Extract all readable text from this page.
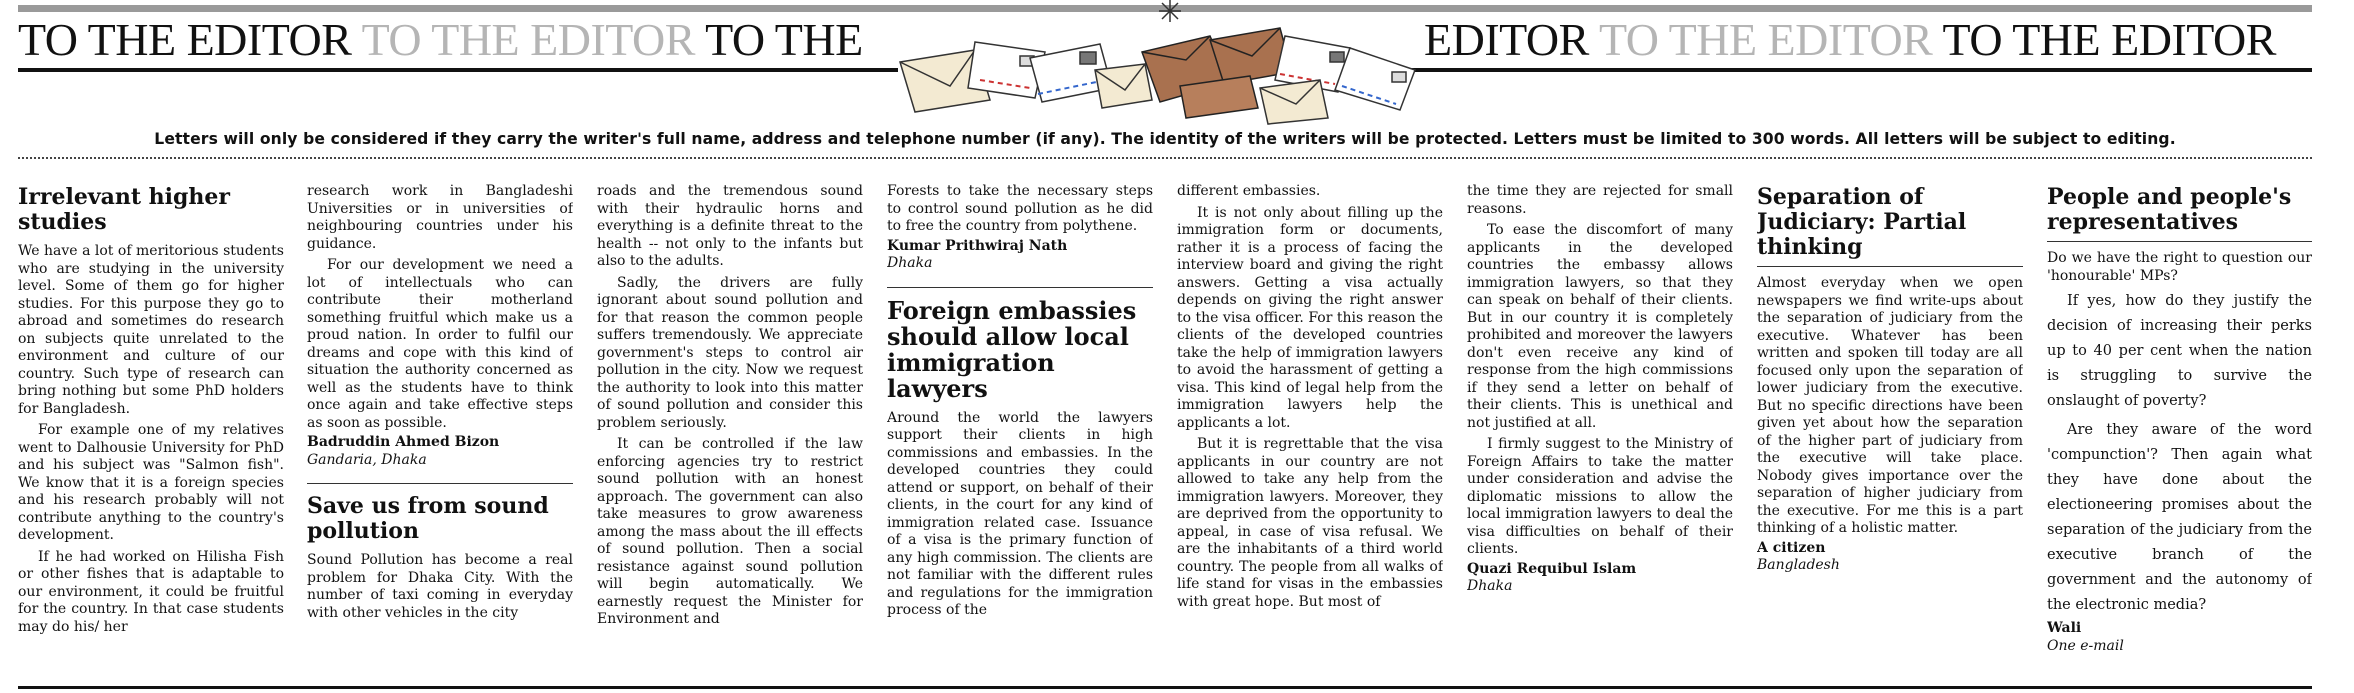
TO THE EDITOR TO THE EDITOR TO THE	EDITOR TO THE EDITOR TO THE EDITOR
Letters will only be considered if they carry the writer's full name, address and telephone number (if any). The identity of the writers will be protected. Letters must be limited to 300 words. All letters will be subject to editing.
Irrelevant higher studies

We have a lot of meritorious students who are studying in the university level. Some of them go for higher studies. For this purpose they go to abroad and sometimes do research on subjects quite unrelated to the environment and culture of our country. Such type of research can bring nothing but some PhD holders for Bangladesh.

For example one of my relatives went to Dalhousie University for PhD and his subject was "Salmon fish". We know that it is a foreign species and his research probably will not contribute anything to the country's development.

If he had worked on Hilisha Fish or other fishes that is adaptable to our environment, it could be fruitful for the country. In that case students may do his/ her

research work in Bangladeshi Universities or in universities of neighbouring countries under his guidance.

For our development we need a lot of intellectuals who can contribute their motherland something fruitful which make us a proud nation. In order to fulfil our dreams and cope with this kind of situation the authority concerned as well as the students have to think once again and take effective steps as soon as possible.

Badruddin Ahmed Bizon
Gandaria, Dhaka
Save us from sound pollution

Sound Pollution has become a real problem for Dhaka City. With the number of taxi coming in everyday with other vehicles in the city

roads and the tremendous sound with their hydraulic horns and everything is a definite threat to the health -- not only to the infants but also to the adults.

Sadly, the drivers are fully ignorant about sound pollution and for that reason the common people suffers tremendously. We appreciate government's steps to control air pollution in the city. Now we request the authority to look into this matter of sound pollution and consider this problem seriously.

It can be controlled if the law enforcing agencies try to restrict sound pollution with an honest approach. The government can also take measures to grow awareness among the mass about the ill effects of sound pollution. Then a social resistance against sound pollution will begin automatically. We earnestly request the Minister for Environment and

Forests to take the necessary steps to control sound pollution as he did to free the country from polythene.

Kumar Prithwiraj Nath
Dhaka
Foreign embassies should allow local immigration lawyers

Around the world the lawyers support their clients in high commissions and embassies. In the developed countries they could attend or support, on behalf of their clients, in the court for any kind of immigration related case. Issuance of a visa is the primary function of any high commission. The clients are not familiar with the different rules and regulations for the immigration process of the

different embassies.

It is not only about filling up the immigration form or documents, rather it is a process of facing the interview board and giving the right answers. Getting a visa actually depends on giving the right answer to the visa officer. For this reason the clients of the developed countries take the help of immigration lawyers to avoid the harassment of getting a visa. This kind of legal help from the immigration lawyers help the applicants a lot.

But it is regrettable that the visa applicants in our country are not allowed to take any help from the immigration lawyers. Moreover, they are deprived from the opportunity to appeal, in case of visa refusal. We are the inhabitants of a third world country. The people from all walks of life stand for visas in the embassies with great hope. But most of

the time they are rejected for small reasons.

To ease the discomfort of many applicants in the developed countries the embassy allows immigration lawyers, so that they can speak on behalf of their clients. But in our country it is completely prohibited and moreover the lawyers don't even receive any kind of response from the high commissions if they send a letter on behalf of their clients. This is unethical and not justified at all.

I firmly suggest to the Ministry of Foreign Affairs to take the matter under consideration and advise the diplomatic missions to allow the local immigration lawyers to deal the visa difficulties on behalf of their clients.

Quazi Requibul Islam
Dhaka
Separation of Judiciary: Partial thinking

Almost everyday when we open newspapers we find write-ups about the separation of judiciary from the executive. Whatever has been written and spoken till today are all focused only upon the separation of lower judiciary from the executive. But no specific directions have been given yet about how the separation of the higher part of judiciary from the executive will take place. Nobody gives importance over the separation of higher judiciary from the executive. For me this is a part thinking of a holistic matter.

A citizen
Bangladesh
People and people's representatives

Do we have the right to question our 'honourable' MPs?

If yes, how do they justify the decision of increasing their perks up to 40 per cent when the nation is struggling to survive the onslaught of poverty?

Are they aware of the word 'compunction'? Then again what they have done about the electioneering promises about the separation of the judiciary from the executive branch of the government and the autonomy of the electronic media?

Wali
One e-mail
